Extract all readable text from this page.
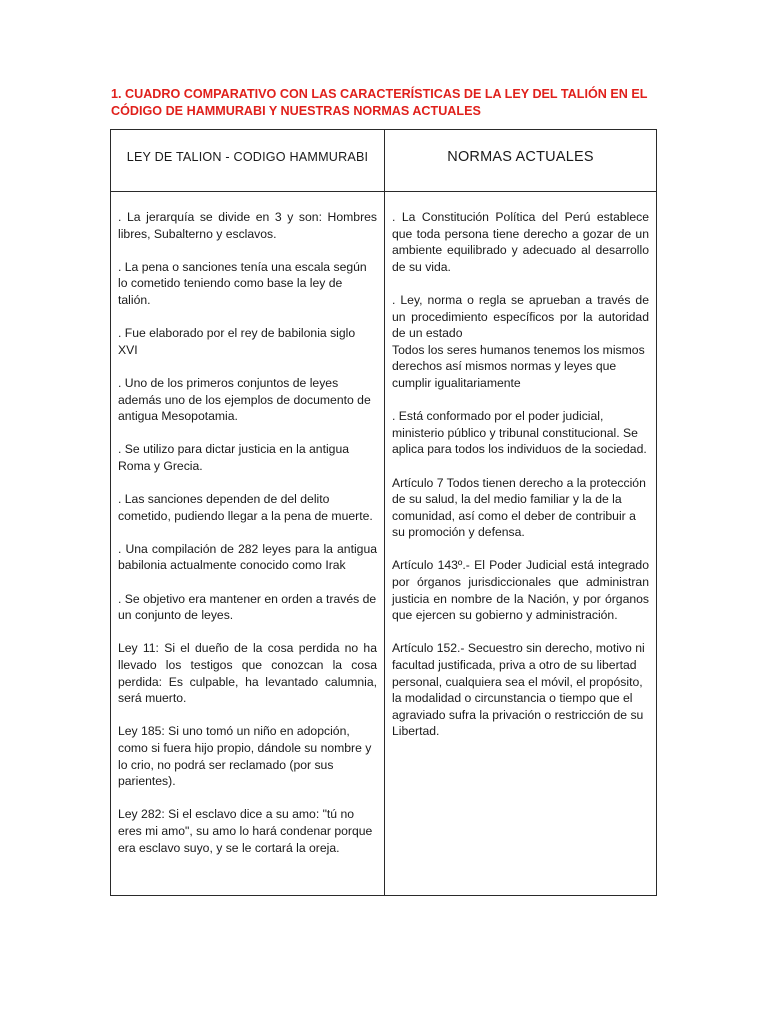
1. CUADRO COMPARATIVO CON LAS CARACTERÍSTICAS DE LA LEY DEL TALIÓN EN EL CÓDIGO DE HAMMURABI Y NUESTRAS NORMAS ACTUALES
LEY DE TALION - CODIGO HAMMURABI	NORMAS ACTUALES

. La jerarquía se divide en 3 y son: Hombres libres, Subalterno y esclavos.

. La pena o sanciones tenía una escala según lo cometido teniendo como base la ley de talión.

. Fue elaborado por el rey de babilonia siglo XVI

. Uno de los primeros conjuntos de leyes además uno de los ejemplos de documento de antigua Mesopotamia.

. Se utilizo para dictar justicia en la antigua Roma y Grecia.

. Las sanciones dependen de del delito cometido, pudiendo llegar a la pena de muerte.

. Una compilación de 282 leyes para la antigua babilonia actualmente conocido como Irak

. Se objetivo era mantener en orden a través de un conjunto de leyes.

Ley 11: Si el dueño de la cosa perdida no ha llevado los testigos que conozcan la cosa perdida: Es culpable, ha levantado calumnia, será muerto.

Ley 185: Si uno tomó un niño en adopción, como si fuera hijo propio, dándole su nombre y lo crio, no podrá ser reclamado (por sus parientes).

Ley 282: Si el esclavo dice a su amo: "tú no eres mi amo", su amo lo hará condenar porque era esclavo suyo, y se le cortará la oreja.

. La Constitución Política del Perú establece que toda persona tiene derecho a gozar de un ambiente equilibrado y adecuado al desarrollo de su vida.

. Ley, norma o regla se aprueban a través de un procedimiento específicos por la autoridad de un estado

Todos los seres humanos tenemos los mismos derechos así mismos normas y leyes que cumplir igualitariamente

. Está conformado por el poder judicial, ministerio público y tribunal constitucional. Se aplica para todos los individuos de la sociedad.

Artículo 7 Todos tienen derecho a la protección de su salud, la del medio familiar y la de la comunidad, así como el deber de contribuir a su promoción y defensa.

Artículo 143º.- El Poder Judicial está integrado por órganos jurisdiccionales que administran justicia en nombre de la Nación, y por órganos que ejercen su gobierno y administración.

Artículo 152.- Secuestro sin derecho, motivo ni facultad justificada, priva a otro de su libertad personal, cualquiera sea el móvil, el propósito, la modalidad o circunstancia o tiempo que el agraviado sufra la privación o restricción de su Libertad.
